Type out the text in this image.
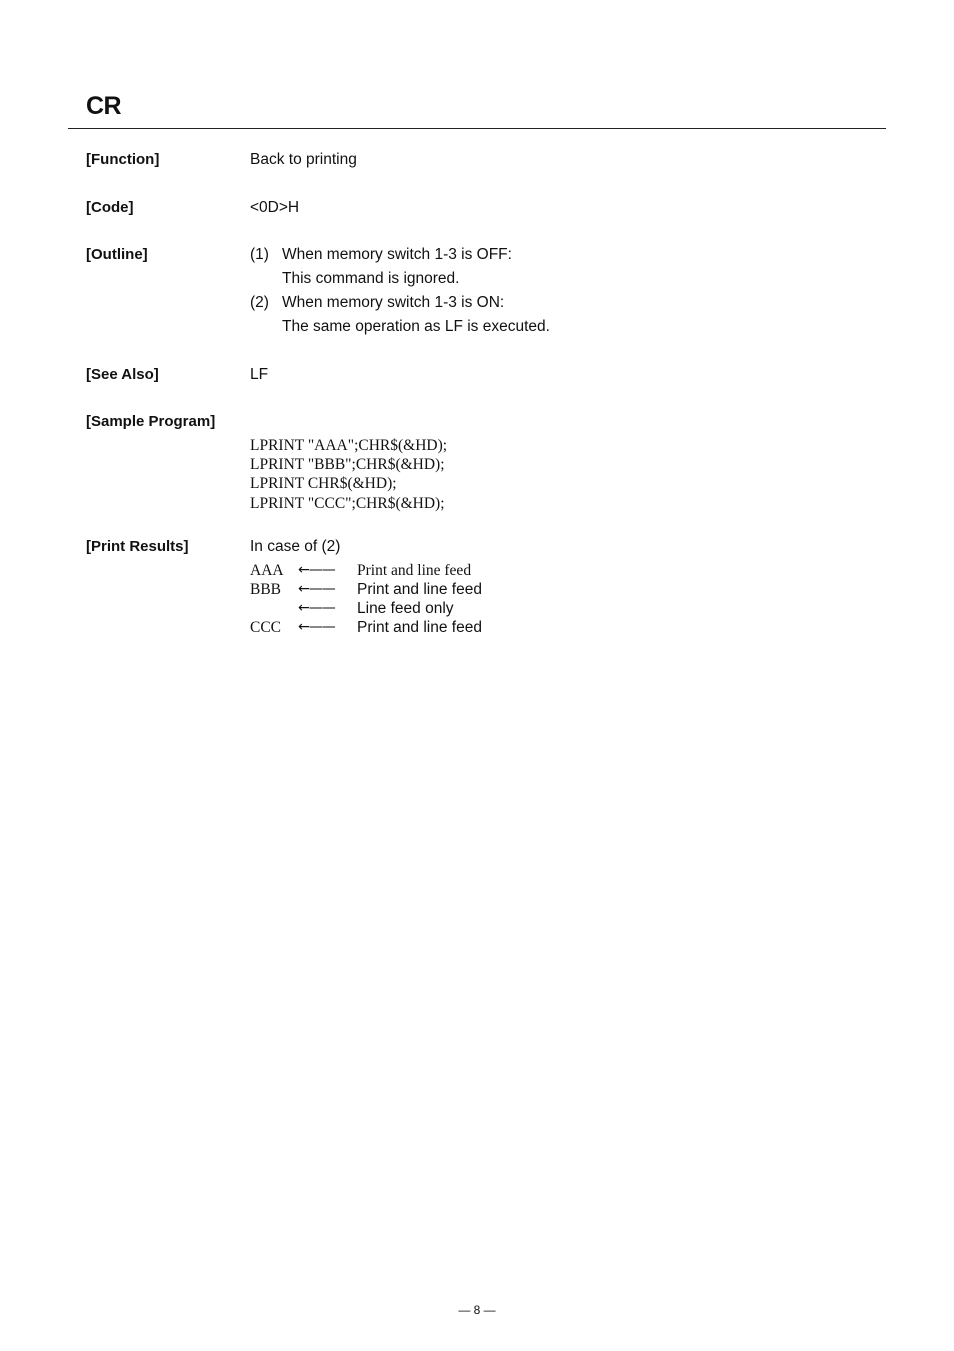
CR
[Function]	Back to printing
[Code]	<0D>H
[Outline]	(1) When memory switch 1-3 is OFF:
This command is ignored.
(2) When memory switch 1-3 is ON:
The same operation as LF is executed.
[See Also]	LF
[Sample Program]
LPRINT "AAA";CHR$(&HD);
LPRINT "BBB";CHR$(&HD);
LPRINT CHR$(&HD);
LPRINT "CCC";CHR$(&HD);
[Print Results]	In case of (2)
AAA ←—— Print and line feed
BBB ←—— Print and line feed
←—— Line feed only
CCC ←—— Print and line feed
— 8 —
